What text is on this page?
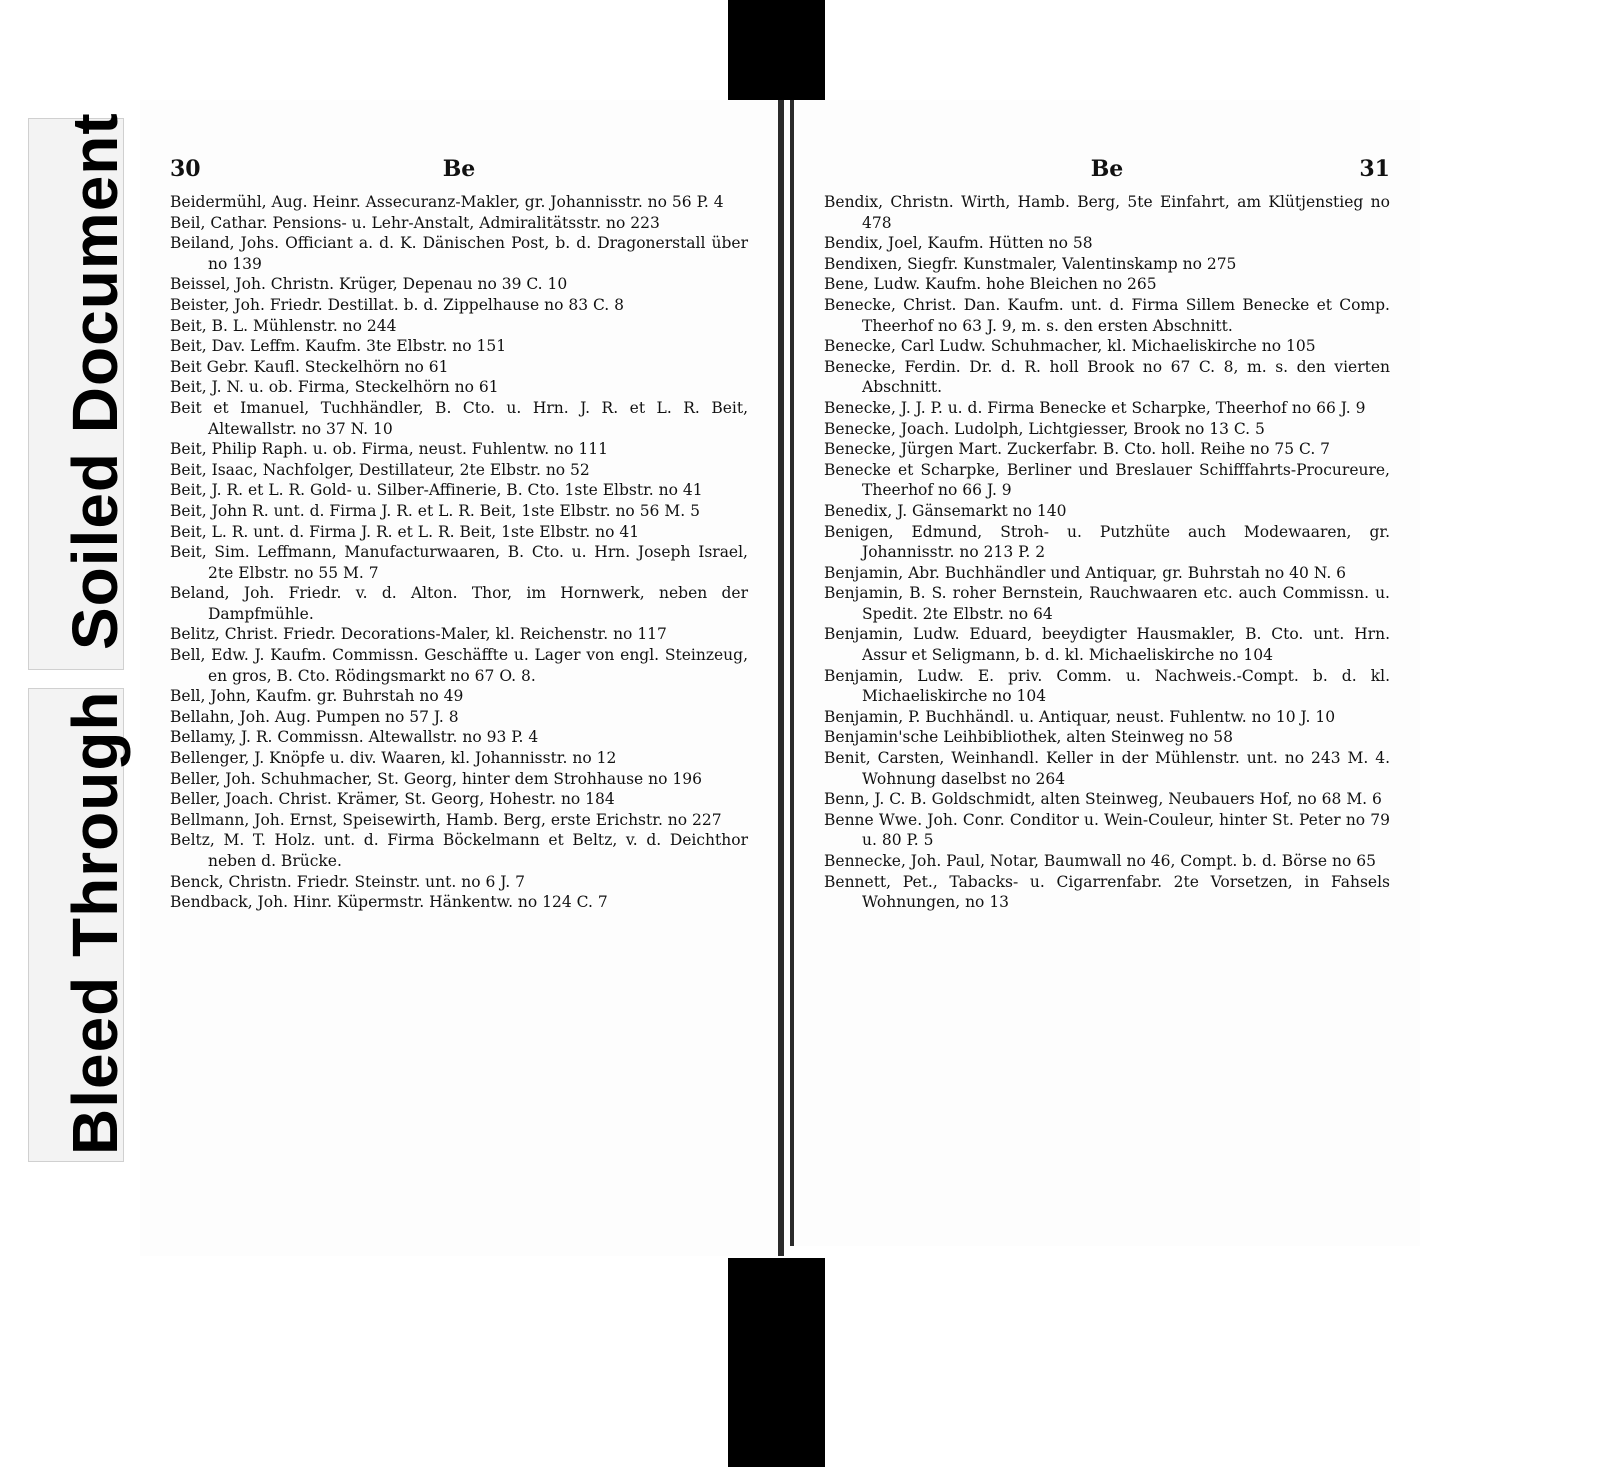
Soiled Document
Bleed Through
30	Be
Beidermühl, Aug. Heinr. Assecuranz-Makler, gr. Johannisstr. no 56 P. 4
Beil, Cathar. Pensions- u. Lehr-Anstalt, Admiralitätsstr. no 223
Beiland, Johs. Officiant a. d. K. Dänischen Post, b. d. Dragonerstall über no 139
Beissel, Joh. Christn. Krüger, Depenau no 39 C. 10
Beister, Joh. Friedr. Destillat. b. d. Zippelhause no 83 C. 8
Beit, B. L. Mühlenstr. no 244
Beit, Dav. Leffm. Kaufm. 3te Elbstr. no 151
Beit Gebr. Kaufl. Steckelhörn no 61
Beit, J. N. u. ob. Firma, Steckelhörn no 61
Beit et Imanuel, Tuchhändler, B. Cto. u. Hrn. J. R. et L. R. Beit, Altewallstr. no 37 N. 10
Beit, Philip Raph. u. ob. Firma, neust. Fuhlentw. no 111
Beit, Isaac, Nachfolger, Destillateur, 2te Elbstr. no 52
Beit, J. R. et L. R. Gold- u. Silber-Affinerie, B. Cto. 1ste Elbstr. no 41
Beit, John R. unt. d. Firma J. R. et L. R. Beit, 1ste Elbstr. no 56 M. 5
Beit, L. R. unt. d. Firma J. R. et L. R. Beit, 1ste Elbstr. no 41
Beit, Sim. Leffmann, Manufacturwaaren, B. Cto. u. Hrn. Joseph Israel, 2te Elbstr. no 55 M. 7
Beland, Joh. Friedr. v. d. Alton. Thor, im Hornwerk, neben der Dampfmühle.
Belitz, Christ. Friedr. Decorations-Maler, kl. Reichenstr. no 117
Bell, Edw. J. Kaufm. Commissn. Geschäffte u. Lager von engl. Steinzeug, en gros, B. Cto. Rödingsmarkt no 67 O. 8.
Bell, John, Kaufm. gr. Buhrstah no 49
Bellahn, Joh. Aug. Pumpen no 57 J. 8
Bellamy, J. R. Commissn. Altewallstr. no 93 P. 4
Bellenger, J. Knöpfe u. div. Waaren, kl. Johannisstr. no 12
Beller, Joh. Schuhmacher, St. Georg, hinter dem Strohhause no 196
Beller, Joach. Christ. Krämer, St. Georg, Hohestr. no 184
Bellmann, Joh. Ernst, Speisewirth, Hamb. Berg, erste Erichstr. no 227
Beltz, M. T. Holz. unt. d. Firma Böckelmann et Beltz, v. d. Deichthor neben d. Brücke.
Benck, Christn. Friedr. Steinstr. unt. no 6 J. 7
Bendback, Joh. Hinr. Küpermstr. Hänkentw. no 124 C. 7
Be	31
Bendix, Christn. Wirth, Hamb. Berg, 5te Einfahrt, am Klütjenstieg no 478
Bendix, Joel, Kaufm. Hütten no 58
Bendixen, Siegfr. Kunstmaler, Valentinskamp no 275
Bene, Ludw. Kaufm. hohe Bleichen no 265
Benecke, Christ. Dan. Kaufm. unt. d. Firma Sillem Benecke et Comp. Theerhof no 63 J. 9, m. s. den ersten Abschnitt.
Benecke, Carl Ludw. Schuhmacher, kl. Michaeliskirche no 105
Benecke, Ferdin. Dr. d. R. holl Brook no 67 C. 8, m. s. den vierten Abschnitt.
Benecke, J. J. P. u. d. Firma Benecke et Scharpke, Theerhof no 66 J. 9
Benecke, Joach. Ludolph, Lichtgiesser, Brook no 13 C. 5
Benecke, Jürgen Mart. Zuckerfabr. B. Cto. holl. Reihe no 75 C. 7
Benecke et Scharpke, Berliner und Breslauer Schifffahrts-Procureure, Theerhof no 66 J. 9
Benedix, J. Gänsemarkt no 140
Benigen, Edmund, Stroh- u. Putzhüte auch Modewaaren, gr. Johannisstr. no 213 P. 2
Benjamin, Abr. Buchhändler und Antiquar, gr. Buhrstah no 40 N. 6
Benjamin, B. S. roher Bernstein, Rauchwaaren etc. auch Commissn. u. Spedit. 2te Elbstr. no 64
Benjamin, Ludw. Eduard, beeydigter Hausmakler, B. Cto. unt. Hrn. Assur et Seligmann, b. d. kl. Michaeliskirche no 104
Benjamin, Ludw. E. priv. Comm. u. Nachweis.-Compt. b. d. kl. Michaeliskirche no 104
Benjamin, P. Buchhändl. u. Antiquar, neust. Fuhlentw. no 10 J. 10
Benjamin'sche Leihbibliothek, alten Steinweg no 58
Benit, Carsten, Weinhandl. Keller in der Mühlenstr. unt. no 243 M. 4. Wohnung daselbst no 264
Benn, J. C. B. Goldschmidt, alten Steinweg, Neubauers Hof, no 68 M. 6
Benne Wwe. Joh. Conr. Conditor u. Wein-Couleur, hinter St. Peter no 79 u. 80 P. 5
Bennecke, Joh. Paul, Notar, Baumwall no 46, Compt. b. d. Börse no 65
Bennett, Pet., Tabacks- u. Cigarrenfabr. 2te Vorsetzen, in Fahsels Wohnungen, no 13
